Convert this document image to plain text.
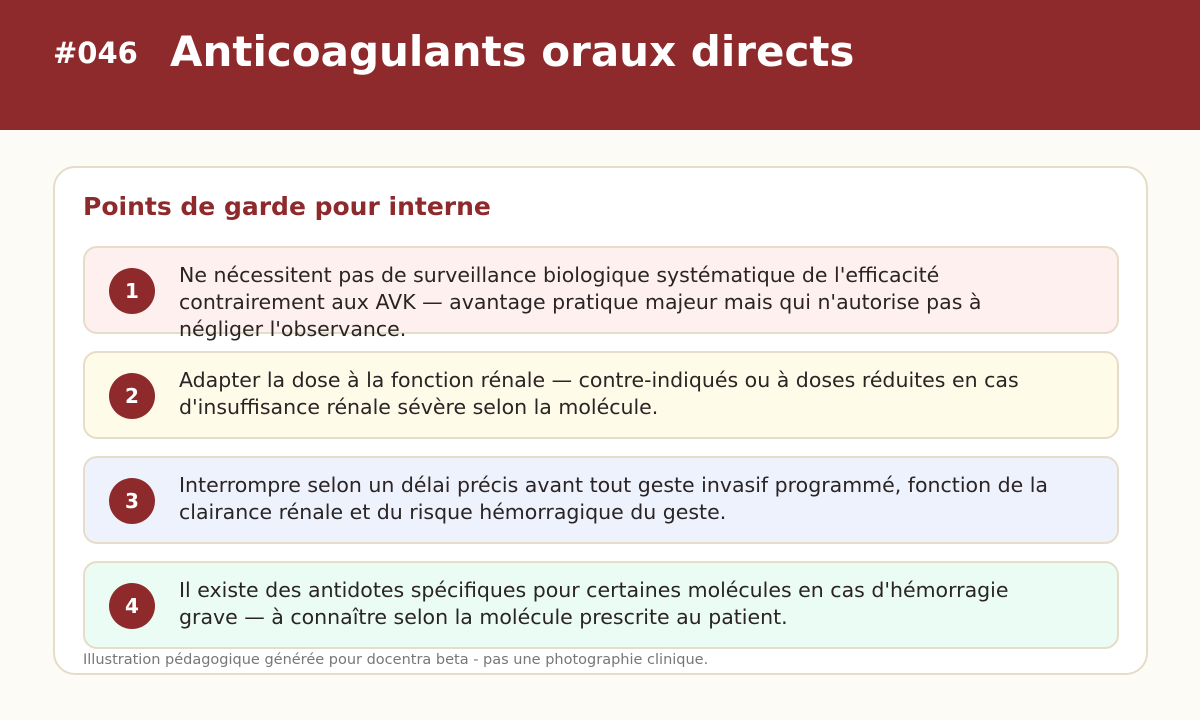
#046 Anticoagulants oraux directs
Points de garde pour interne
1
Ne nécessitent pas de surveillance biologique systématique de l'efficacité contrairement aux AVK — avantage pratique majeur mais qui n'autorise pas à négliger l'observance.
2
Adapter la dose à la fonction rénale — contre-indiqués ou à doses réduites en cas d'insuffisance rénale sévère selon la molécule.
3
Interrompre selon un délai précis avant tout geste invasif programmé, fonction de la clairance rénale et du risque hémorragique du geste.
4
Il existe des antidotes spécifiques pour certaines molécules en cas d'hémorragie grave — à connaître selon la molécule prescrite au patient.
Illustration pédagogique générée pour docentra beta - pas une photographie clinique.
